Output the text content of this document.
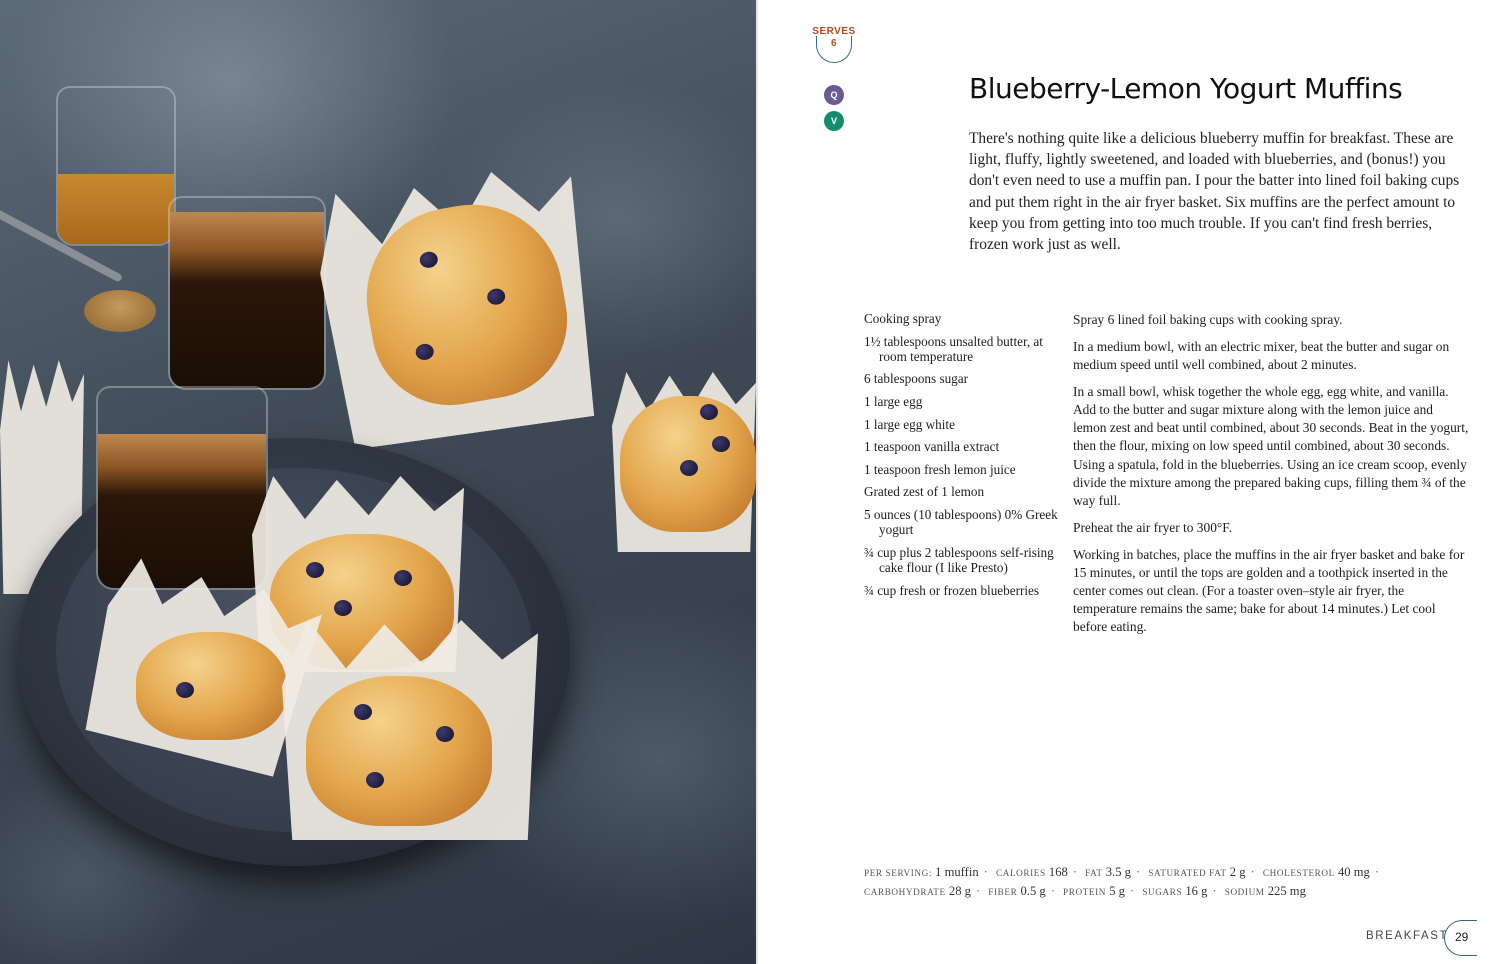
SERVES
6
Q
V
Blueberry-Lemon Yogurt Muffins

There's nothing quite like a delicious blueberry muffin for breakfast. These are light, fluffy, lightly sweetened, and loaded with blueberries, and (bonus!) you don't even need to use a muffin pan. I pour the batter into lined foil baking cups and put them right in the air fryer basket. Six muffins are the perfect amount to keep you from getting into too much trouble. If you can't find fresh berries, frozen work just as well.

Cooking spray
1½ tablespoons unsalted butter, at room temperature
6 tablespoons sugar
1 large egg
1 large egg white
1 teaspoon vanilla extract
1 teaspoon fresh lemon juice
Grated zest of 1 lemon
5 ounces (10 tablespoons) 0% Greek yogurt
¾ cup plus 2 tablespoons self-rising cake flour (I like Presto)
¾ cup fresh or frozen blueberries

Spray 6 lined foil baking cups with cooking spray.

In a medium bowl, with an electric mixer, beat the butter and sugar on medium speed until well combined, about 2 minutes.

In a small bowl, whisk together the whole egg, egg white, and vanilla. Add to the butter and sugar mixture along with the lemon juice and lemon zest and beat until combined, about 30 seconds. Beat in the yogurt, then the flour, mixing on low speed until combined, about 30 seconds. Using a spatula, fold in the blueberries. Using an ice cream scoop, evenly divide the mixture among the prepared baking cups, filling them ¾ of the way full.

Preheat the air fryer to 300°F.

Working in batches, place the muffins in the air fryer basket and bake for 15 minutes, or until the tops are golden and a toothpick inserted in the center comes out clean. (For a toaster oven–style air fryer, the temperature remains the same; bake for about 14 minutes.) Let cool before eating.

PER SERVING: 1 muffin · CALORIES 168 · FAT 3.5 g · SATURATED FAT 2 g · CHOLESTEROL 40 mg ·
CARBOHYDRATE 28 g · FIBER 0.5 g · PROTEIN 5 g · SUGARS 16 g · SODIUM 225 mg
BREAKFAST 29
